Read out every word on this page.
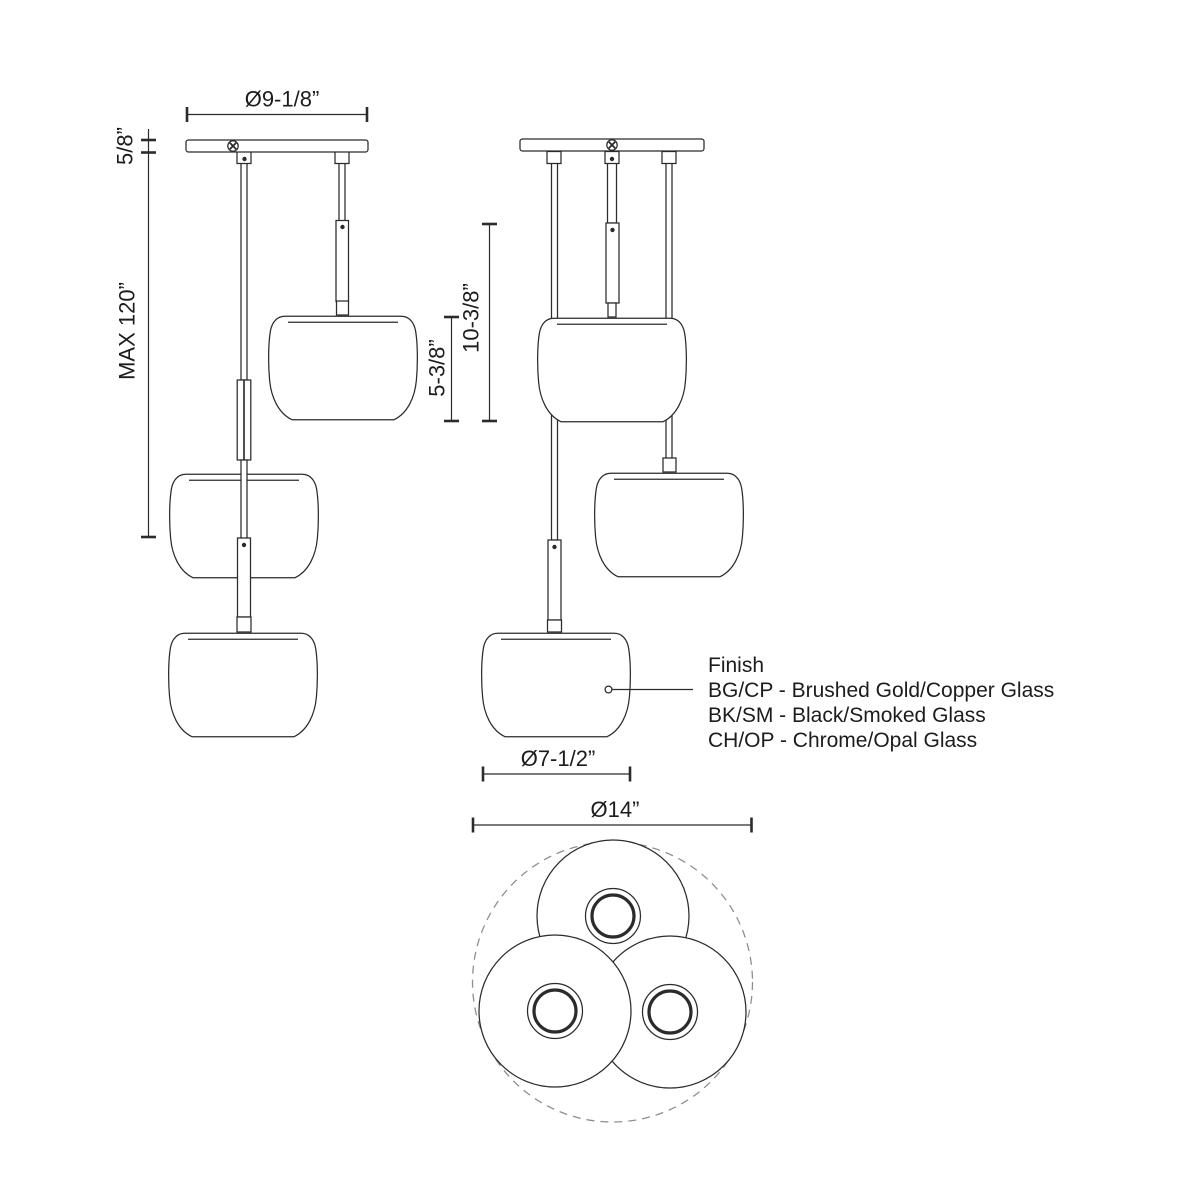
Ø9-1/8”
5/8”
MAX 120”	10-3/8”
5-3/8”
Ø7-1/2”
Ø14”
Finish
BG/CP - Brushed Gold/Copper Glass
BK/SM - Black/Smoked Glass
CH/OP - Chrome/Opal Glass
